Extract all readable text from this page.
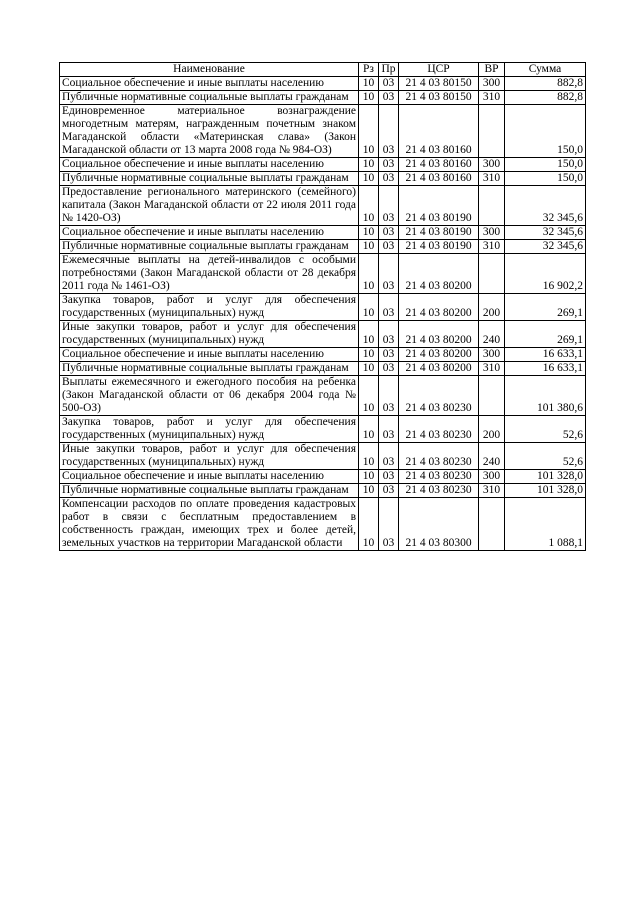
Наименование	Рз	Пр	ЦСР	ВР	Сумма
Социальное обеспечение и иные выплаты населению	10	03	21 4 03 80150	300	882,8
Публичные нормативные социальные выплаты гражданам	10	03	21 4 03 80150	310	882,8
Единовременное материальное вознаграждение многодетным матерям, награжденным почетным знаком Магаданской области «Материнская слава» (Закон Магаданской области от 13 марта 2008 года № 984-ОЗ)	10	03	21 4 03 80160		150,0
Социальное обеспечение и иные выплаты населению	10	03	21 4 03 80160	300	150,0
Публичные нормативные социальные выплаты гражданам	10	03	21 4 03 80160	310	150,0
Предоставление регионального материнского (семейного) капитала (Закон Магаданской области от 22 июля 2011 года № 1420-ОЗ)	10	03	21 4 03 80190		32 345,6
Социальное обеспечение и иные выплаты населению	10	03	21 4 03 80190	300	32 345,6
Публичные нормативные социальные выплаты гражданам	10	03	21 4 03 80190	310	32 345,6
Ежемесячные выплаты на детей-инвалидов с особыми потребностями (Закон Магаданской области от 28 декабря 2011 года № 1461-ОЗ)	10	03	21 4 03 80200		16 902,2
Закупка товаров, работ и услуг для обеспечения государственных (муниципальных) нужд	10	03	21 4 03 80200	200	269,1
Иные закупки товаров, работ и услуг для обеспечения государственных (муниципальных) нужд	10	03	21 4 03 80200	240	269,1
Социальное обеспечение и иные выплаты населению	10	03	21 4 03 80200	300	16 633,1
Публичные нормативные социальные выплаты гражданам	10	03	21 4 03 80200	310	16 633,1
Выплаты ежемесячного и ежегодного пособия на ребенка (Закон Магаданской области от 06 декабря 2004 года № 500-ОЗ)	10	03	21 4 03 80230		101 380,6
Закупка товаров, работ и услуг для обеспечения государственных (муниципальных) нужд	10	03	21 4 03 80230	200	52,6
Иные закупки товаров, работ и услуг для обеспечения государственных (муниципальных) нужд	10	03	21 4 03 80230	240	52,6
Социальное обеспечение и иные выплаты населению	10	03	21 4 03 80230	300	101 328,0
Публичные нормативные социальные выплаты гражданам	10	03	21 4 03 80230	310	101 328,0
Компенсации расходов по оплате проведения кадастровых работ в связи с бесплатным предоставлением в собственность граждан, имеющих трех и более детей, земельных участков на территории Магаданской области	10	03	21 4 03 80300		1 088,1
